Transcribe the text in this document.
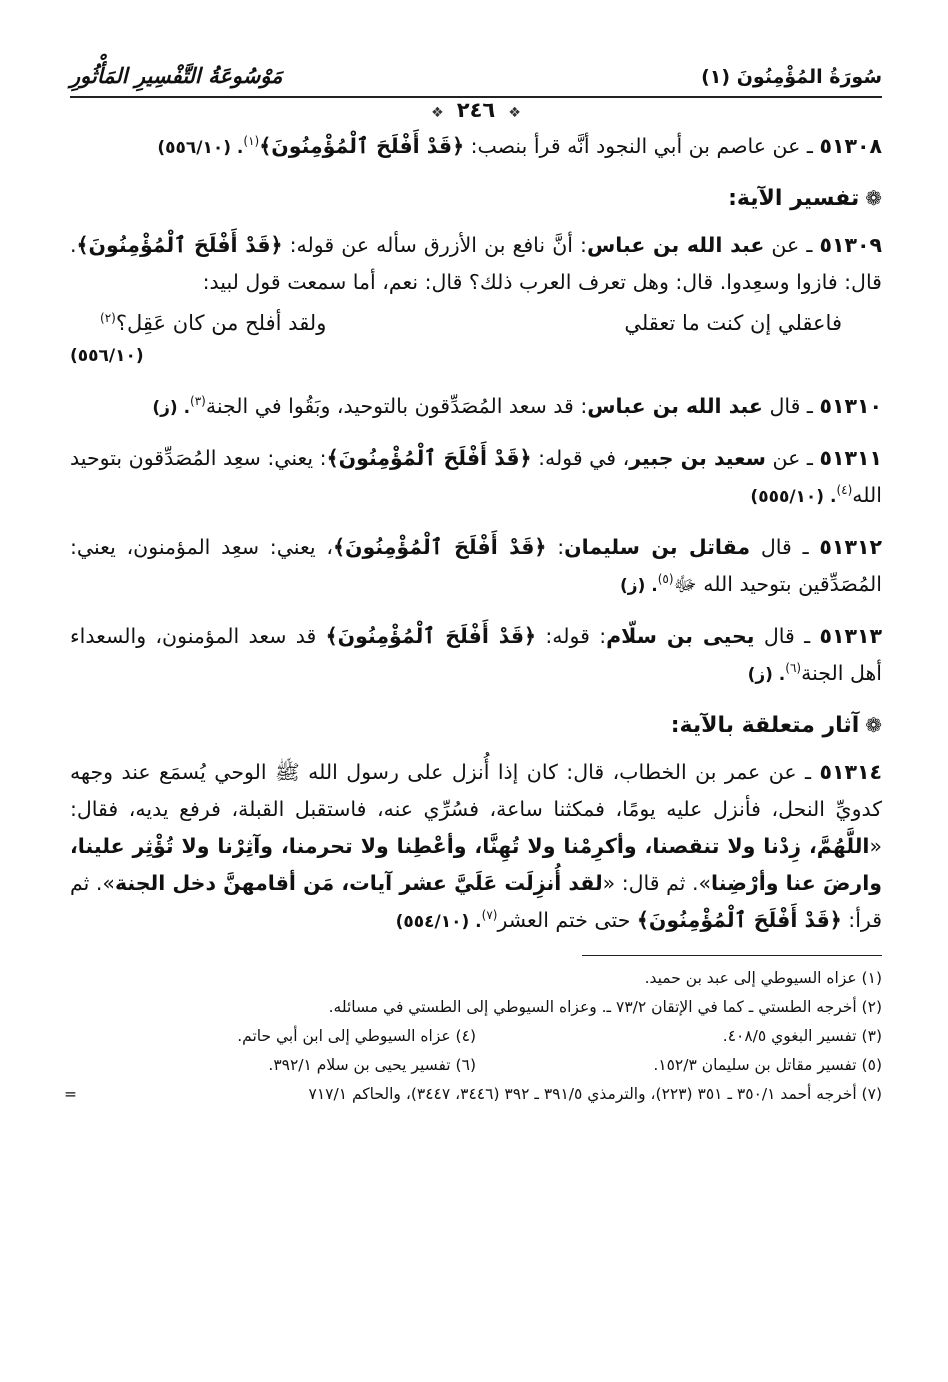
سُورَةُ المُؤْمِنُونَ (١)
مَوْسُوعَةُ التَّفْسِيرِ المَأْثُورِ
❖ ٢٤٦ ❖

٥١٣٠٨ ـ عن عاصم بن أبي النجود أنَّه قرأ بنصب: ﴿قَدْ أَفْلَحَ ٱلْمُؤْمِنُونَ﴾$^{(١)}$. (٥٥٦/١٠)

❁تفسير الآية:

٥١٣٠٩ ـ عن عبد الله بن عباس: أنَّ نافع بن الأزرق سأله عن قوله: ﴿قَدْ أَفْلَحَ ٱلْمُؤْمِنُونَ﴾. قال: فازوا وسعِدوا. قال: وهل تعرف العرب ذلك؟ قال: نعم، أما سمعت قول لبيد:

فاعقلي إن كنت ما تعقلي
ولقد أفلح من كان عَقِل؟$^{(٢)}$
(٥٥٦/١٠)

٥١٣١٠ ـ قال عبد الله بن عباس: قد سعد المُصَدِّقون بالتوحيد، وبَقُوا في الجنة$^{(٣)}$. (ز)

٥١٣١١ ـ عن سعيد بن جبير، في قوله: ﴿قَدْ أَفْلَحَ ٱلْمُؤْمِنُونَ﴾: يعني: سعِد المُصَدِّقون بتوحيد الله$^{(٤)}$. (٥٥٥/١٠)

٥١٣١٢ ـ قال مقاتل بن سليمان: ﴿قَدْ أَفْلَحَ ٱلْمُؤْمِنُونَ﴾، يعني: سعِد المؤمنون، يعني: المُصَدِّقين بتوحيد الله ﷻ$^{(٥)}$. (ز)

٥١٣١٣ ـ قال يحيى بن سلّام: قوله: ﴿قَدْ أَفْلَحَ ٱلْمُؤْمِنُونَ﴾ قد سعد المؤمنون، والسعداء أهل الجنة$^{(٦)}$. (ز)

❁آثار متعلقة بالآية:

٥١٣١٤ ـ عن عمر بن الخطاب، قال: كان إذا أُنزل على رسول الله ﷺ الوحي يُسمَع عند وجهه كدويِّ النحل، فأنزل عليه يومًا، فمكثنا ساعة، فسُرِّي عنه، فاستقبل القبلة، فرفع يديه، فقال: «اللَّهُمَّ، زِدْنا ولا تنقصنا، وأكرِمْنا ولا تُهِنَّا، وأعْطِنا ولا تحرمنا، وآثِرْنا ولا تُؤْثِر علينا، وارضَ عنا وأرْضِنا». ثم قال: «لقد أُنزِلَت عَلَيَّ عشر آيات، مَن أقامهنَّ دخل الجنة». ثم قرأ: ﴿قَدْ أَفْلَحَ ٱلْمُؤْمِنُونَ﴾ حتى ختم العشر$^{(٧)}$. (٥٥٤/١٠)

(١) عزاه السيوطي إلى عبد بن حميد.
(٢) أخرجه الطستي ـ كما في الإتقان ٧٣/٢ ـ. وعزاه السيوطي إلى الطستي في مسائله.
(٣) تفسير البغوي ٤٠٨/٥.
(٤) عزاه السيوطي إلى ابن أبي حاتم.
(٥) تفسير مقاتل بن سليمان ١٥٢/٣.
(٦) تفسير يحيى بن سلام ٣٩٢/١.
(٧) أخرجه أحمد ٣٥٠/١ ـ ٣٥١ (٢٢٣)، والترمذي ٣٩١/٥ ـ ٣٩٢ (٣٤٤٦، ٣٤٤٧)، والحاكم ٧١٧/١
=
